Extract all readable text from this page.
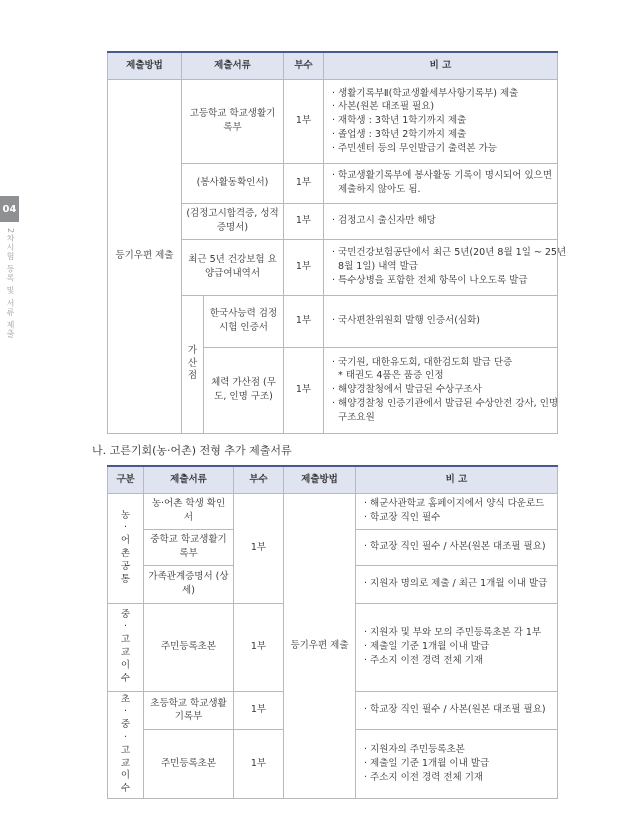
04
2차시험 등록 및 서류 제출
제출방법	제출서류		부수	비 고
등기우편 제출	고등학교 학교생활기록부		1부	· 생활기록부Ⅱ(학교생활세부사항기록부) 제출
· 사본(원본 대조필 필요)
· 재학생 : 3학년 1학기까지 제출
· 졸업생 : 3학년 2학기까지 제출
· 주민센터 등의 무인발급기 출력본 가능

	(봉사활동확인서)		1부	· 학교생활기록부에 봉사활동 기록이 명시되어 있으면
제출하지 않아도 됨.

	(검정고시합격증, 성적증명서)		1부	· 검정고시 출신자만 해당

	최근 5년 건강보험 요양급여내역서		1부	· 국민건강보험공단에서 최근 5년(20년 8월 1일 ~ 25년
8월 1일) 내역 발급
· 특수상병을 포함한 전체 항목이 나오도록 발급

	가산점	한국사능력 검정시험 인증서	1부	· 국사편찬위원회 발행 인증서(심화)

		체력 가산점 (무도, 인명 구조)	1부	· 국기원, 대한유도회, 대한검도회 발급 단증
* 태권도 4품은 품증 인정
· 해양경찰청에서 발급된 수상구조사
· 해양경찰청 인증기관에서 발급된 수상안전 강사, 인명
구조요원
나. 고른기회(농·어촌) 전형 추가 제출서류
구분	제출서류	부수	제출방법	비 고
농·어촌공통	농·어촌 학생 확인서	1부	등기우편 제출	· 해군사관학교 홈페이지에서 양식 다운로드
· 학교장 직인 필수

	중학교 학교생활기록부			· 학교장 직인 필수 / 사본(원본 대조필 필요)

	가족관계증명서 (상세)			· 지원자 명의로 제출 / 최근 1개월 이내 발급

중·고교이수	주민등록초본	1부		· 지원자 및 부와 모의 주민등록초본 각 1부
· 제출일 기준 1개월 이내 발급
· 주소지 이전 경력 전체 기재

초·중·고교이수	초등학교 학교생활기록부	1부		· 학교장 직인 필수 / 사본(원본 대조필 필요)

	주민등록초본	1부		· 지원자의 주민등록초본
· 제출일 기준 1개월 이내 발급
· 주소지 이전 경력 전체 기재
